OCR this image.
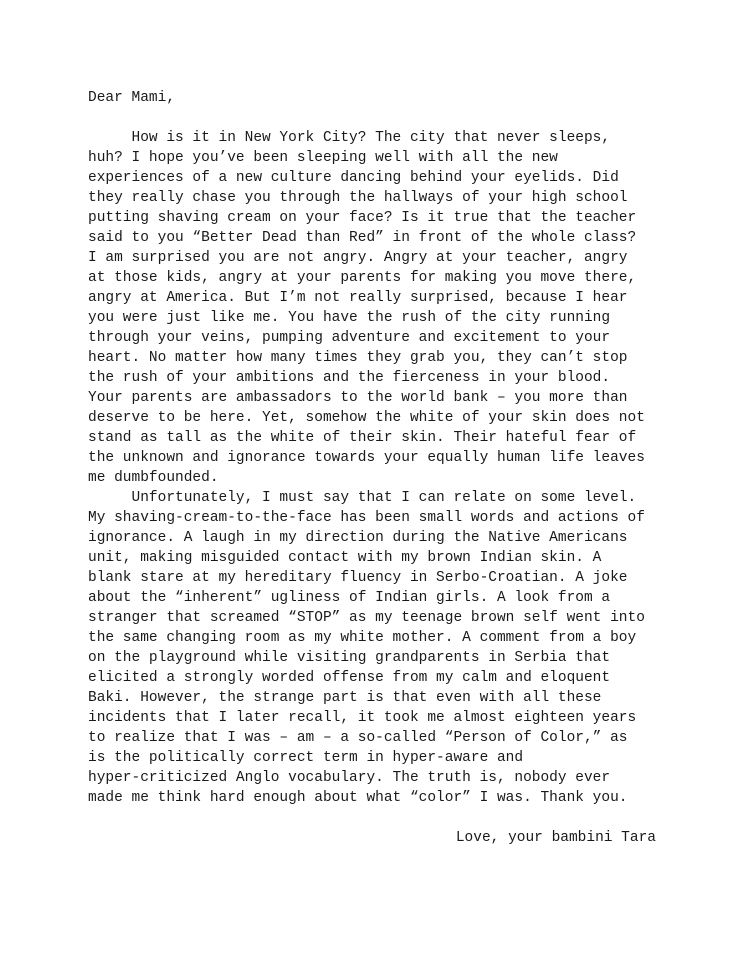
Dear Mami,
How is it in New York City? The city that never sleeps,
huh? I hope you’ve been sleeping well with all the new
experiences of a new culture dancing behind your eyelids. Did
they really chase you through the hallways of your high school
putting shaving cream on your face? Is it true that the teacher
said to you “Better Dead than Red” in front of the whole class?
I am surprised you are not angry. Angry at your teacher, angry
at those kids, angry at your parents for making you move there,
angry at America. But I’m not really surprised, because I hear
you were just like me. You have the rush of the city running
through your veins, pumping adventure and excitement to your
heart. No matter how many times they grab you, they can’t stop
the rush of your ambitions and the fierceness in your blood.
Your parents are ambassadors to the world bank – you more than
deserve to be here. Yet, somehow the white of your skin does not
stand as tall as the white of their skin. Their hateful fear of
the unknown and ignorance towards your equally human life leaves
me dumbfounded.
Unfortunately, I must say that I can relate on some level.
My shaving-cream-to-the-face has been small words and actions of
ignorance. A laugh in my direction during the Native Americans
unit, making misguided contact with my brown Indian skin. A
blank stare at my hereditary fluency in Serbo-Croatian. A joke
about the “inherent” ugliness of Indian girls. A look from a
stranger that screamed “STOP” as my teenage brown self went into
the same changing room as my white mother. A comment from a boy
on the playground while visiting grandparents in Serbia that
elicited a strongly worded offense from my calm and eloquent
Baki. However, the strange part is that even with all these
incidents that I later recall, it took me almost eighteen years
to realize that I was – am – a so-called “Person of Color,” as
is the politically correct term in hyper-aware and
hyper-criticized Anglo vocabulary. The truth is, nobody ever
made me think hard enough about what “color” I was. Thank you.
Love, your bambini Tara
